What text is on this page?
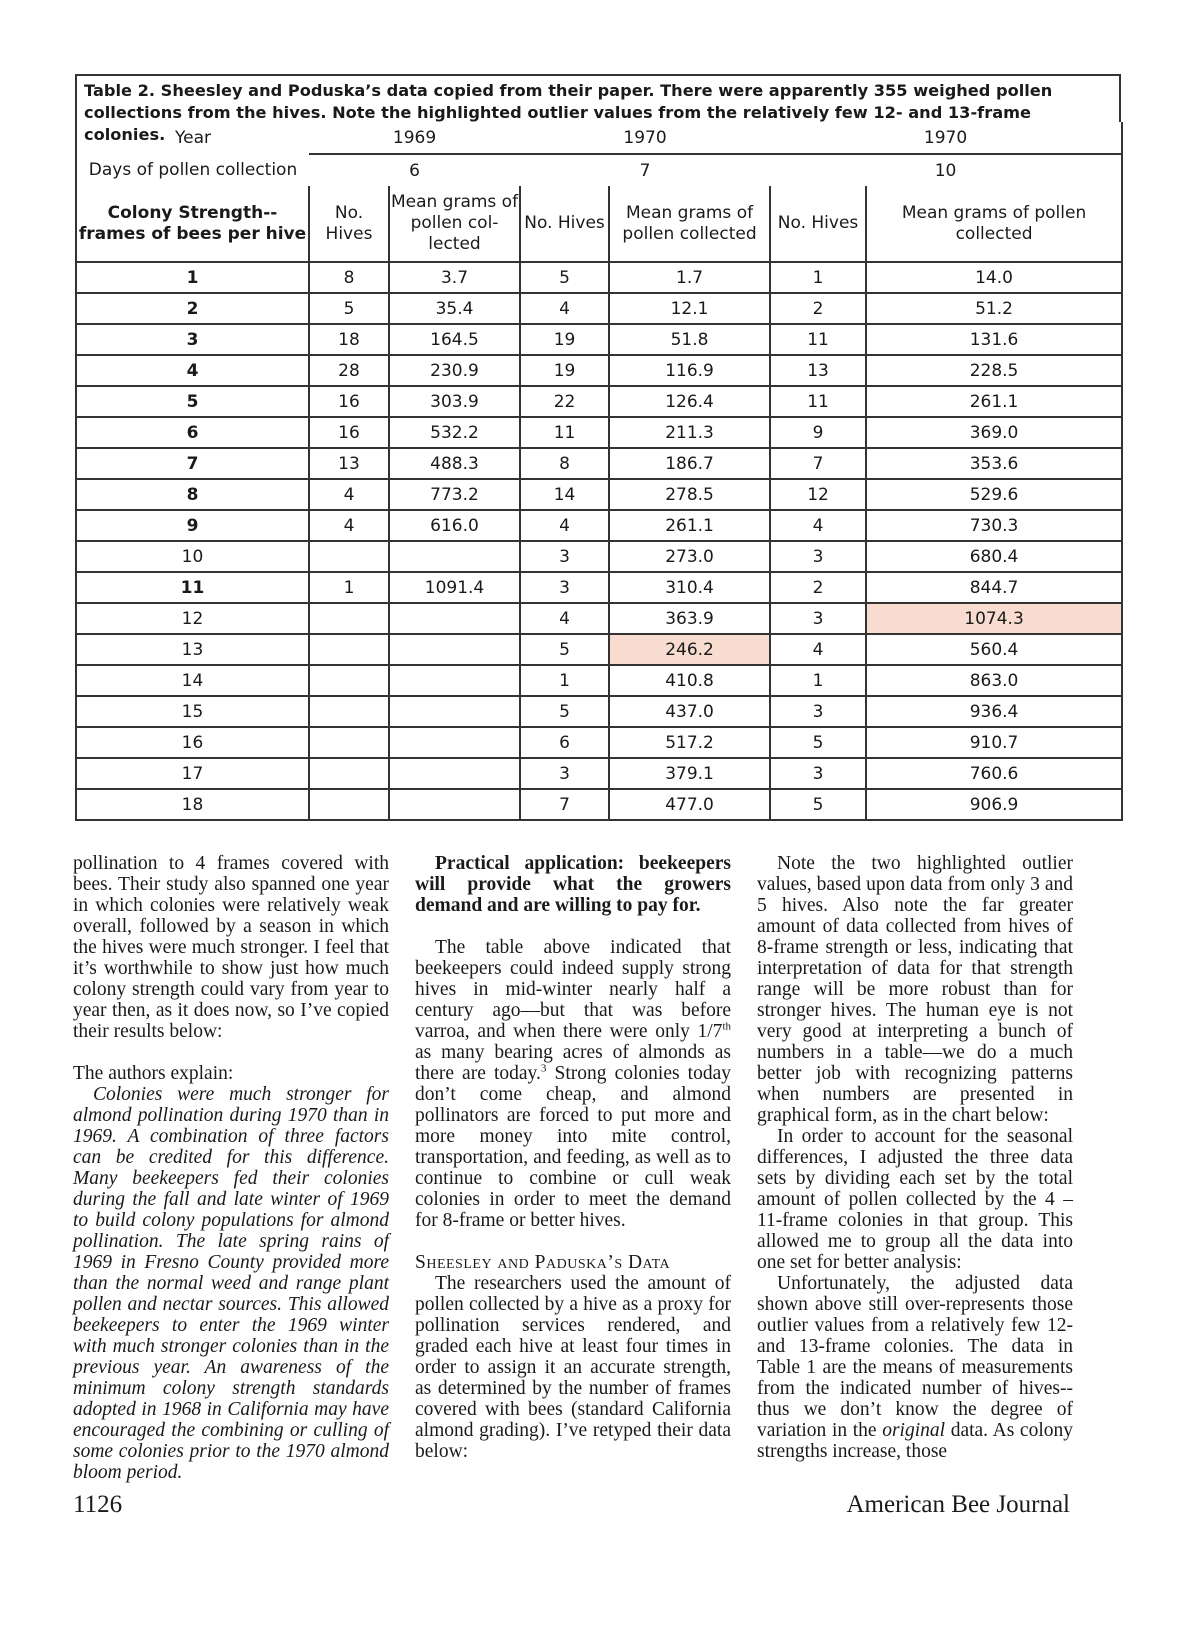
Table 2. Sheesley and Poduska’s data copied from their paper. There were apparently 355 weighed pollen collections from the hives. Note the highlighted outlier values from the relatively few 12- and 13-frame colonies. Year	1969		1970		1970	
Days of pollen collection	6		7		10	
Colony Strength--frames of bees per hive	No. Hives	Mean grams of pollen col-lected	No. Hives	Mean grams of pollen collected	No. Hives	Mean grams of pollen collected
1	8	3.7	5	1.7	1	14.0
2	5	35.4	4	12.1	2	51.2
3	18	164.5	19	51.8	11	131.6
4	28	230.9	19	116.9	13	228.5
5	16	303.9	22	126.4	11	261.1
6	16	532.2	11	211.3	9	369.0
7	13	488.3	8	186.7	7	353.6
8	4	773.2	14	278.5	12	529.6
9	4	616.0	4	261.1	4	730.3
10			3	273.0	3	680.4
11	1	1091.4	3	310.4	2	844.7
12			4	363.9	3	1074.3
13			5	246.2	4	560.4
14			1	410.8	1	863.0
15			5	437.0	3	936.4
16			6	517.2	5	910.7
17			3	379.1	3	760.6
18			7	477.0	5	906.9

pollination to 4 frames covered with bees. Their study also spanned one year in which colonies were relatively weak overall, followed by a season in which the hives were much stronger. I feel that it’s worthwhile to show just how much colony strength could vary from year to year then, as it does now, so I’ve copied their results below:

The authors explain:

Colonies were much stronger for almond pollination during 1970 than in 1969. A combination of three factors can be credited for this difference. Many beekeepers fed their colonies during the fall and late winter of 1969 to build colony populations for almond pollination. The late spring rains of 1969 in Fresno County provided more than the normal weed and range plant pollen and nectar sources. This allowed beekeepers to enter the 1969 winter with much stronger colonies than in the previous year. An awareness of the minimum colony strength standards adopted in 1968 in California may have encouraged the combining or culling of some colonies prior to the 1970 almond bloom period.

Practical application: beekeepers will provide what the growers demand and are willing to pay for.

The table above indicated that beekeepers could indeed supply strong hives in mid-winter nearly half a century ago—but that was before varroa, and when there were only 1/7th as many bearing acres of almonds as there are today.$^3$ Strong colonies today don’t come cheap, and almond pollinators are forced to put more and more money into mite control, transportation, and feeding, as well as to continue to combine or cull weak colonies in order to meet the demand for 8-frame or better hives.

Sheesley and Paduska’s Data

The researchers used the amount of pollen collected by a hive as a proxy for pollination services rendered, and graded each hive at least four times in order to assign it an accurate strength, as determined by the number of frames covered with bees (standard California almond grading). I’ve retyped their data below:

Note the two highlighted outlier values, based upon data from only 3 and 5 hives. Also note the far greater amount of data collected from hives of 8-frame strength or less, indicating that interpretation of data for that strength range will be more robust than for stronger hives. The human eye is not very good at interpreting a bunch of numbers in a table—we do a much better job with recognizing patterns when numbers are presented in graphical form, as in the chart below:

In order to account for the seasonal differences, I adjusted the three data sets by dividing each set by the total amount of pollen collected by the 4 – 11-frame colonies in that group. This allowed me to group all the data into one set for better analysis:

Unfortunately, the adjusted data shown above still over-represents those outlier values from a relatively few 12- and 13-frame colonies. The data in Table 1 are the means of measurements from the indicated number of hives--thus we don’t know the degree of variation in the original data. As colony strengths increase, those

1126	American Bee Journal
